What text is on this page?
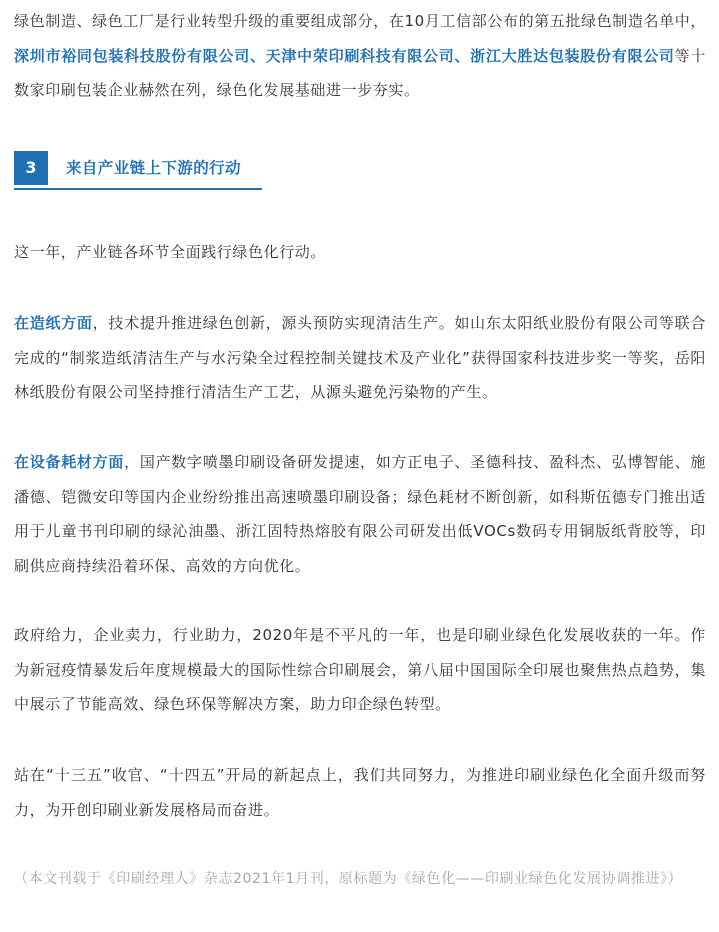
绿色制造、绿色工厂是行业转型升级的重要组成部分，在10月工信部公布的第五批绿色制造名单中，深圳市裕同包装科技股份有限公司、天津中荣印刷科技有限公司、浙江大胜达包装股份有限公司等十数家印刷包装企业赫然在列，绿色化发展基础进一步夯实。

3	来自产业链上下游的行动

这一年，产业链各环节全面践行绿色化行动。

在造纸方面，技术提升推进绿色创新，源头预防实现清洁生产。如山东太阳纸业股份有限公司等联合完成的“制浆造纸清洁生产与水污染全过程控制关键技术及产业化”获得国家科技进步奖一等奖，岳阳林纸股份有限公司坚持推行清洁生产工艺，从源头避免污染物的产生。

在设备耗材方面，国产数字喷墨印刷设备研发提速，如方正电子、圣德科技、盈科杰、弘博智能、施潘德、铠微安印等国内企业纷纷推出高速喷墨印刷设备；绿色耗材不断创新，如科斯伍德专门推出适用于儿童书刊印刷的绿沁油墨、浙江固特热熔胶有限公司研发出低VOCs数码专用铜版纸背胶等，印刷供应商持续沿着环保、高效的方向优化。

政府给力，企业卖力，行业助力，2020年是不平凡的一年，也是印刷业绿色化发展收获的一年。作为新冠疫情暴发后年度规模最大的国际性综合印刷展会，第八届中国国际全印展也聚焦热点趋势，集中展示了节能高效、绿色环保等解决方案，助力印企绿色转型。

站在“十三五”收官、“十四五”开局的新起点上，我们共同努力，为推进印刷业绿色化全面升级而努力，为开创印刷业新发展格局而奋进。

（本文刊载于《印刷经理人》杂志2021年1月刊，原标题为《绿色化——印刷业绿色化发展协调推进》）
